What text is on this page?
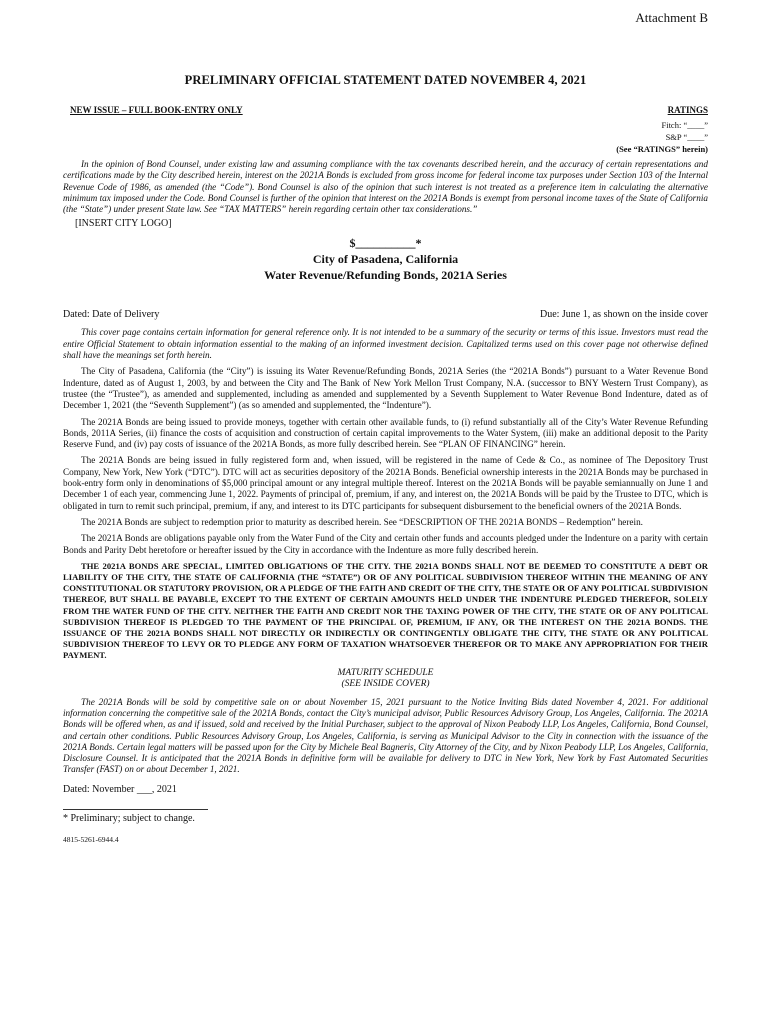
Attachment B
PRELIMINARY OFFICIAL STATEMENT DATED NOVEMBER 4, 2021
NEW ISSUE – FULL BOOK-ENTRY ONLY	RATINGS
Fitch: “____”
S&P “____”
(See “RATINGS” herein)

In the opinion of Bond Counsel, under existing law and assuming compliance with the tax covenants described herein, and the accuracy of certain representations and certifications made by the City described herein, interest on the 2021A Bonds is excluded from gross income for federal income tax purposes under Section 103 of the Internal Revenue Code of 1986, as amended (the “Code”). Bond Counsel is also of the opinion that such interest is not treated as a preference item in calculating the alternative minimum tax imposed under the Code. Bond Counsel is further of the opinion that interest on the 2021A Bonds is exempt from personal income taxes of the State of California (the “State”) under present State law. See “TAX MATTERS” herein regarding certain other tax considerations.”

[INSERT CITY LOGO]
$__________*
City of Pasadena, California
Water Revenue/Refunding Bonds, 2021A Series
Dated: Date of Delivery	Due: June 1, as shown on the inside cover

This cover page contains certain information for general reference only. It is not intended to be a summary of the security or terms of this issue. Investors must read the entire Official Statement to obtain information essential to the making of an informed investment decision. Capitalized terms used on this cover page not otherwise defined shall have the meanings set forth herein.

The City of Pasadena, California (the “City”) is issuing its Water Revenue/Refunding Bonds, 2021A Series (the “2021A Bonds”) pursuant to a Water Revenue Bond Indenture, dated as of August 1, 2003, by and between the City and The Bank of New York Mellon Trust Company, N.A. (successor to BNY Western Trust Company), as trustee (the “Trustee”), as amended and supplemented, including as amended and supplemented by a Seventh Supplement to Water Revenue Bond Indenture, dated as of December 1, 2021 (the “Seventh Supplement”) (as so amended and supplemented, the “Indenture”).

The 2021A Bonds are being issued to provide moneys, together with certain other available funds, to (i) refund substantially all of the City’s Water Revenue Refunding Bonds, 2011A Series, (ii) finance the costs of acquisition and construction of certain capital improvements to the Water System, (iii) make an additional deposit to the Parity Reserve Fund, and (iv) pay costs of issuance of the 2021A Bonds, as more fully described herein. See “PLAN OF FINANCING” herein.

The 2021A Bonds are being issued in fully registered form and, when issued, will be registered in the name of Cede & Co., as nominee of The Depository Trust Company, New York, New York (“DTC”). DTC will act as securities depository of the 2021A Bonds. Beneficial ownership interests in the 2021A Bonds may be purchased in book-entry form only in denominations of $5,000 principal amount or any integral multiple thereof. Interest on the 2021A Bonds will be payable semiannually on June 1 and December 1 of each year, commencing June 1, 2022. Payments of principal of, premium, if any, and interest on, the 2021A Bonds will be paid by the Trustee to DTC, which is obligated in turn to remit such principal, premium, if any, and interest to its DTC participants for subsequent disbursement to the beneficial owners of the 2021A Bonds.

The 2021A Bonds are subject to redemption prior to maturity as described herein. See “DESCRIPTION OF THE 2021A BONDS – Redemption” herein.

The 2021A Bonds are obligations payable only from the Water Fund of the City and certain other funds and accounts pledged under the Indenture on a parity with certain Bonds and Parity Debt heretofore or hereafter issued by the City in accordance with the Indenture as more fully described herein.

THE 2021A BONDS ARE SPECIAL, LIMITED OBLIGATIONS OF THE CITY. THE 2021A BONDS SHALL NOT BE DEEMED TO CONSTITUTE A DEBT OR LIABILITY OF THE CITY, THE STATE OF CALIFORNIA (THE “STATE”) OR OF ANY POLITICAL SUBDIVISION THEREOF WITHIN THE MEANING OF ANY CONSTITUTIONAL OR STATUTORY PROVISION, OR A PLEDGE OF THE FAITH AND CREDIT OF THE CITY, THE STATE OR OF ANY POLITICAL SUBDIVISION THEREOF, BUT SHALL BE PAYABLE, EXCEPT TO THE EXTENT OF CERTAIN AMOUNTS HELD UNDER THE INDENTURE PLEDGED THEREFOR, SOLELY FROM THE WATER FUND OF THE CITY. NEITHER THE FAITH AND CREDIT NOR THE TAXING POWER OF THE CITY, THE STATE OR OF ANY POLITICAL SUBDIVISION THEREOF IS PLEDGED TO THE PAYMENT OF THE PRINCIPAL OF, PREMIUM, IF ANY, OR THE INTEREST ON THE 2021A BONDS. THE ISSUANCE OF THE 2021A BONDS SHALL NOT DIRECTLY OR INDIRECTLY OR CONTINGENTLY OBLIGATE THE CITY, THE STATE OR ANY POLITICAL SUBDIVISION THEREOF TO LEVY OR TO PLEDGE ANY FORM OF TAXATION WHATSOEVER THEREFOR OR TO MAKE ANY APPROPRIATION FOR THEIR PAYMENT.

MATURITY SCHEDULE
(SEE INSIDE COVER)

The 2021A Bonds will be sold by competitive sale on or about November 15, 2021 pursuant to the Notice Inviting Bids dated November 4, 2021. For additional information concerning the competitive sale of the 2021A Bonds, contact the City’s municipal advisor, Public Resources Advisory Group, Los Angeles, California. The 2021A Bonds will be offered when, as and if issued, sold and received by the Initial Purchaser, subject to the approval of Nixon Peabody LLP, Los Angeles, California, Bond Counsel, and certain other conditions. Public Resources Advisory Group, Los Angeles, California, is serving as Municipal Advisor to the City in connection with the issuance of the 2021A Bonds. Certain legal matters will be passed upon for the City by Michele Beal Bagneris, City Attorney of the City, and by Nixon Peabody LLP, Los Angeles, California, Disclosure Counsel. It is anticipated that the 2021A Bonds in definitive form will be available for delivery to DTC in New York, New York by Fast Automated Securities Transfer (FAST) on or about December 1, 2021.

Dated: November ___, 2021
* Preliminary; subject to change.
4815-5261-6944.4
